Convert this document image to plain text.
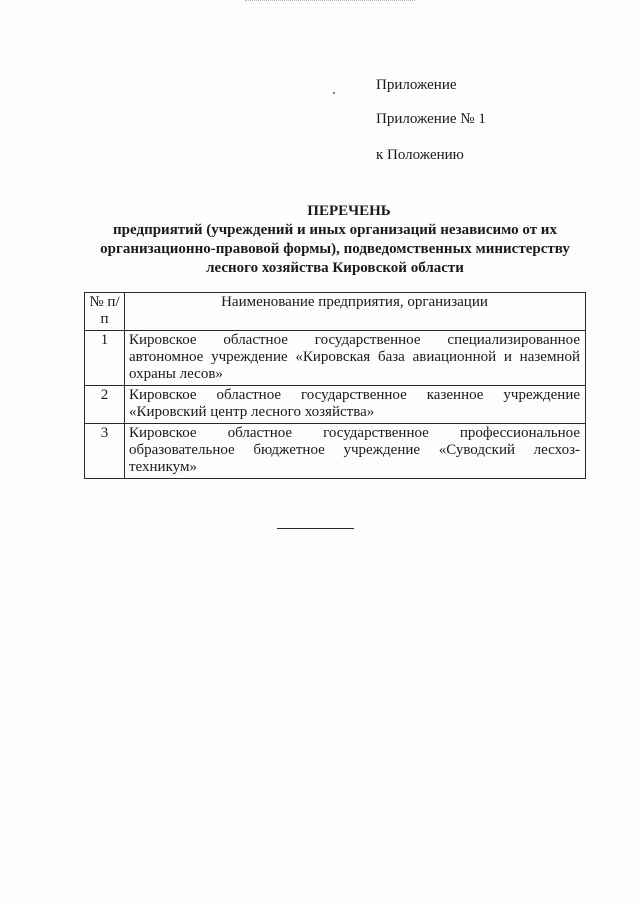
Приложение
Приложение № 1
к Положению
ПЕРЕЧЕНЬ
предприятий (учреждений и иных организаций независимо от их
организационно-правовой формы), подведомственных министерству
лесного хозяйства Кировской области
№ п/п	Наименование предприятия, организации
1	Кировское областное государственное специализированное автономное учреждение «Кировская база авиационной и наземной охраны лесов»
2	Кировское областное государственное казенное учреждение «Кировский центр лесного хозяйства»
3	Кировское областное государственное профессиональное образовательное бюджетное учреждение «Суводский лесхоз-техникум»
